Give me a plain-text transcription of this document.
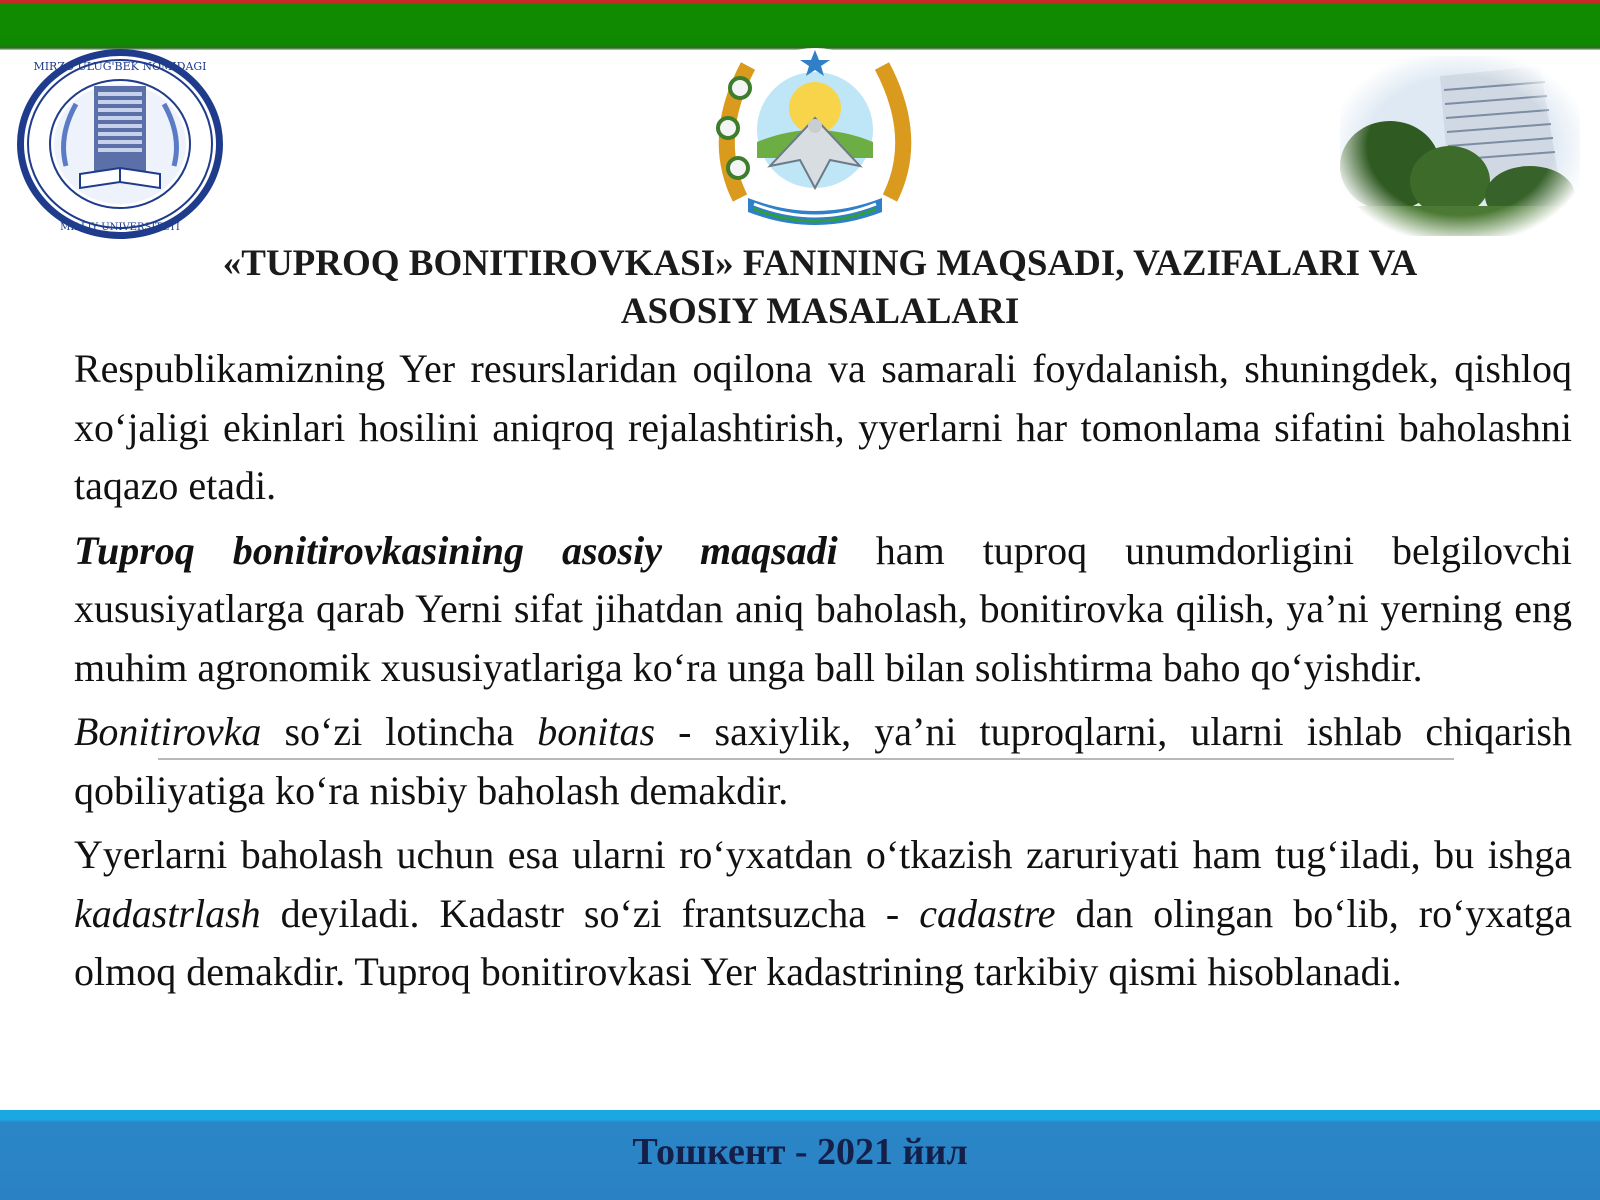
MIRZO ULUG'BEK NOMIDAGI
MILLIY UNIVERSITETI
«TUPROQ BONITIROVKASI» FANINING MAQSADI, VAZIFALARI VA
ASOSIY MASALALARI

Respublikamizning Yer resurslaridan oqilona va samarali foydalanish, shuningdek, qishloq xo‘jaligi ekinlari hosilini aniqroq rejalashtirish, yyerlarni har tomonlama sifatini baholashni taqazo etadi.

Tuproq bonitirovkasining asosiy maqsadi ham tuproq unumdorligini belgilovchi xususiyatlarga qarab Yerni sifat jihatdan aniq baholash, bonitirovka qilish, ya’ni yerning eng muhim agronomik xususiyatlariga ko‘ra unga ball bilan solishtirma baho qo‘yishdir.

Bonitirovka so‘zi lotincha bonitas - saxiylik, ya’ni tuproqlarni, ularni ishlab chiqarish qobiliyatiga ko‘ra nisbiy baholash demakdir.

Yyerlarni baholash uchun esa ularni ro‘yxatdan o‘tkazish zaruriyati ham tug‘iladi, bu ishga kadastrlash deyiladi. Kadastr so‘zi frantsuzcha - cadastre dan olingan bo‘lib, ro‘yxatga olmoq demakdir. Tuproq bonitirovkasi Yer kadastrining tarkibiy qismi hisoblanadi.

Тошкент - 2021 йил
